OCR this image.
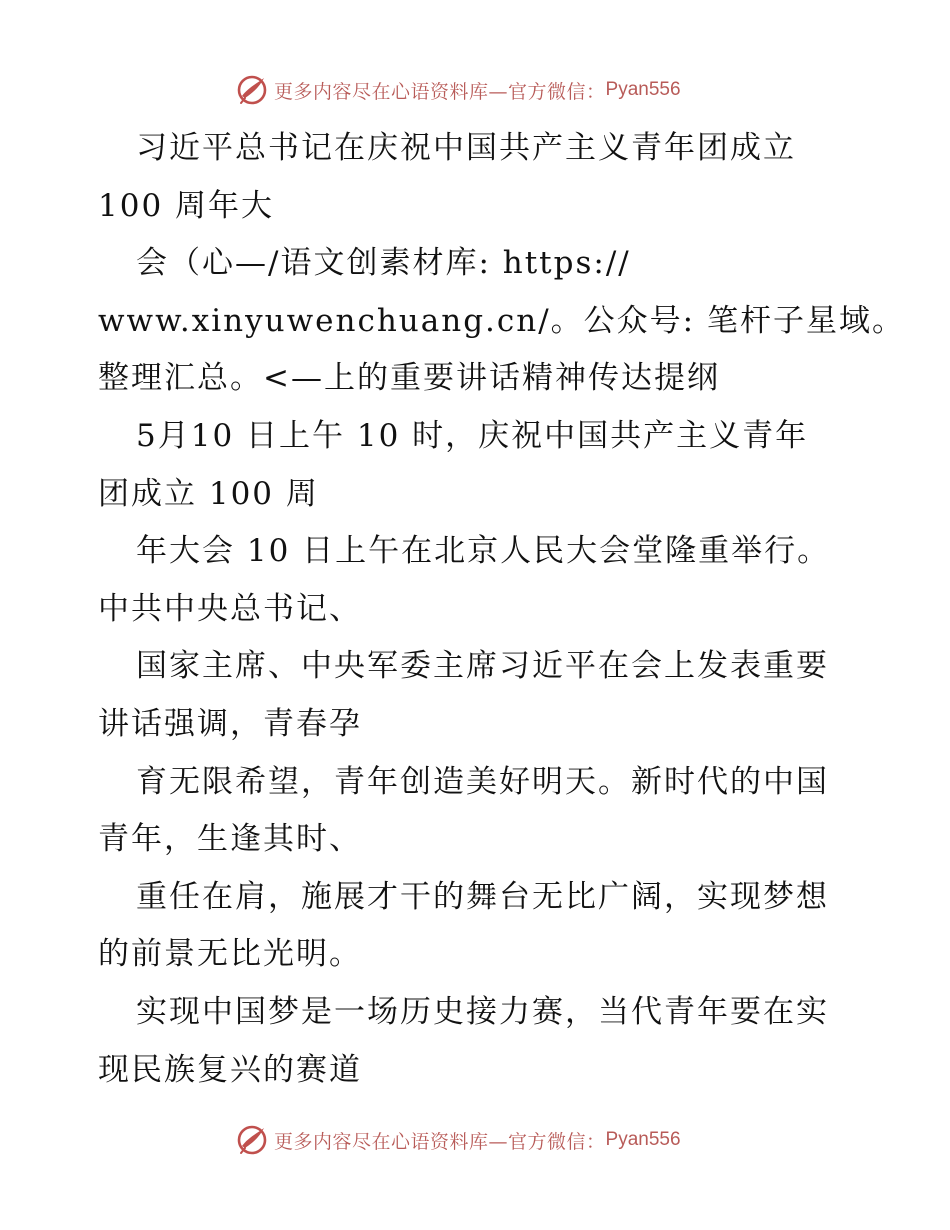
更多内容尽在心语资料库—官方微信： Pyan556
习近平总书记在庆祝中国共产主义青年团成立
100 周年大
会（心—/语文创素材库: https://
www.xinyuwenchuang.cn/。公众号: 笔杆子星域。
整理汇总。<—上的重要讲话精神传达提纲
5月10 日上午 10 时，庆祝中国共产主义青年
团成立 100 周
年大会 10 日上午在北京人民大会堂隆重举行。
中共中央总书记、
国家主席、中央军委主席习近平在会上发表重要
讲话强调，青春孕
育无限希望，青年创造美好明天。新时代的中国
青年，生逢其时、
重任在肩，施展才干的舞台无比广阔，实现梦想
的前景无比光明。
实现中国梦是一场历史接力赛，当代青年要在实
现民族复兴的赛道
更多内容尽在心语资料库—官方微信： Pyan556
